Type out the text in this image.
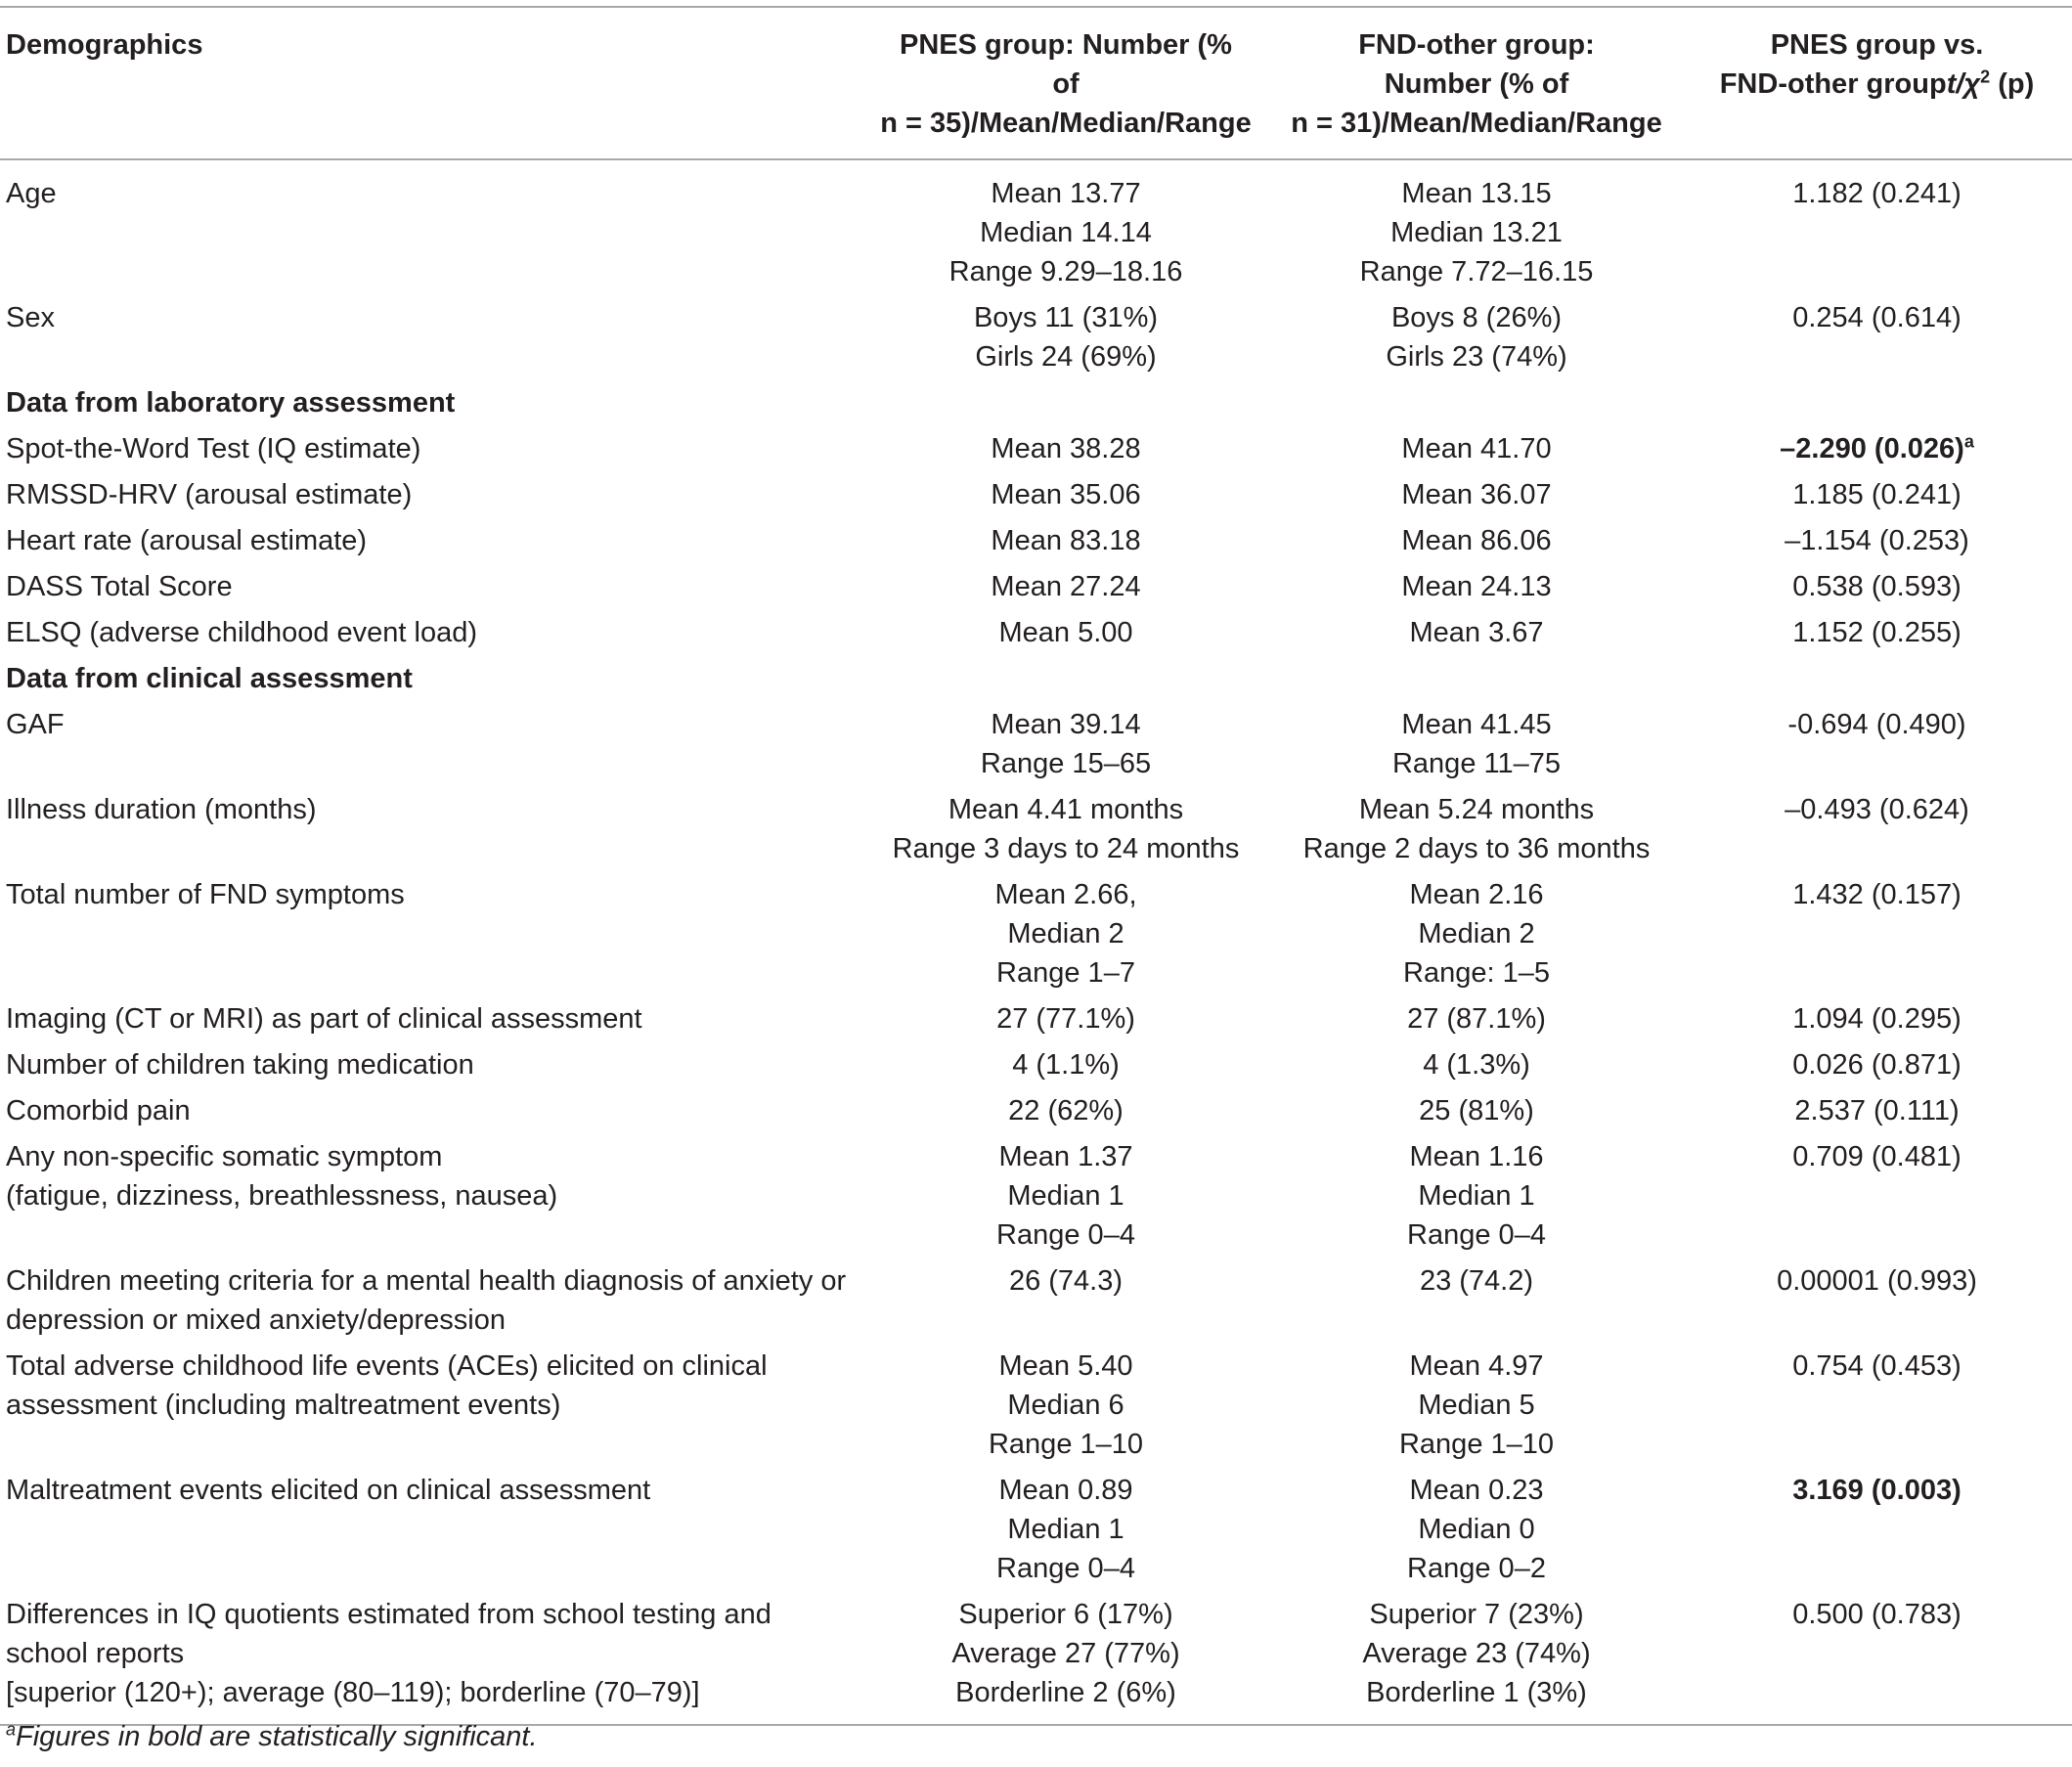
Demographics	PNES group: Number (%
of
n = 35)/Mean/Median/Range	FND-other group:
Number (% of
n = 31)/Mean/Median/Range	PNES group vs.
FND-other groupt/$\chi^2$ (p)

Age	Mean 13.77
Median 14.14
Range 9.29–18.16	Mean 13.15
Median 13.21
Range 7.72–16.15	1.182 (0.241)

Sex	Boys 11 (31%)
Girls 24 (69%)	Boys 8 (26%)
Girls 23 (74%)	0.254 (0.614)
Data from laboratory assessment			

Spot-the-Word Test (IQ estimate)	Mean 38.28	Mean 41.70	–2.290 $(0.026)^a$

RMSSD-HRV (arousal estimate)	Mean 35.06	Mean 36.07	1.185 (0.241)

Heart rate (arousal estimate)	Mean 83.18	Mean 86.06	–1.154 (0.253)

DASS Total Score	Mean 27.24	Mean 24.13	0.538 (0.593)

ELSQ (adverse childhood event load)	Mean 5.00	Mean 3.67	1.152 (0.255)
Data from clinical assessment			

GAF	Mean 39.14
Range 15–65	Mean 41.45
Range 11–75	-0.694 (0.490)

Illness duration (months)	Mean 4.41 months
Range 3 days to 24 months	Mean 5.24 months
Range 2 days to 36 months	–0.493 (0.624)

Total number of FND symptoms	Mean 2.66,
Median 2
Range 1–7	Mean 2.16
Median 2
Range: 1–5	1.432 (0.157)

Imaging (CT or MRI) as part of clinical assessment	27 (77.1%)	27 (87.1%)	1.094 (0.295)

Number of children taking medication	4 (1.1%)	4 (1.3%)	0.026 (0.871)

Comorbid pain	22 (62%)	25 (81%)	2.537 (0.111)

Any non-specific somatic symptom
(fatigue, dizziness, breathlessness, nausea)	Mean 1.37
Median 1
Range 0–4	Mean 1.16
Median 1
Range 0–4	0.709 (0.481)

Children meeting criteria for a mental health diagnosis of anxiety or
depression or mixed anxiety/depression	26 (74.3)	23 (74.2)	0.00001 (0.993)

Total adverse childhood life events (ACEs) elicited on clinical
assessment (including maltreatment events)	Mean 5.40
Median 6
Range 1–10	Mean 4.97
Median 5
Range 1–10	0.754 (0.453)

Maltreatment events elicited on clinical assessment	Mean 0.89
Median 1
Range 0–4	Mean 0.23
Median 0
Range 0–2	3.169 (0.003)

Differences in IQ quotients estimated from school testing and
school reports
[superior (120+); average (80–119); borderline (70–79)]	Superior 6 (17%)
Average 27 (77%)
Borderline 2 (6%)	Superior 7 (23%)
Average 23 (74%)
Borderline 1 (3%)	0.500 (0.783)
$^a$Figures in bold are statistically significant.
